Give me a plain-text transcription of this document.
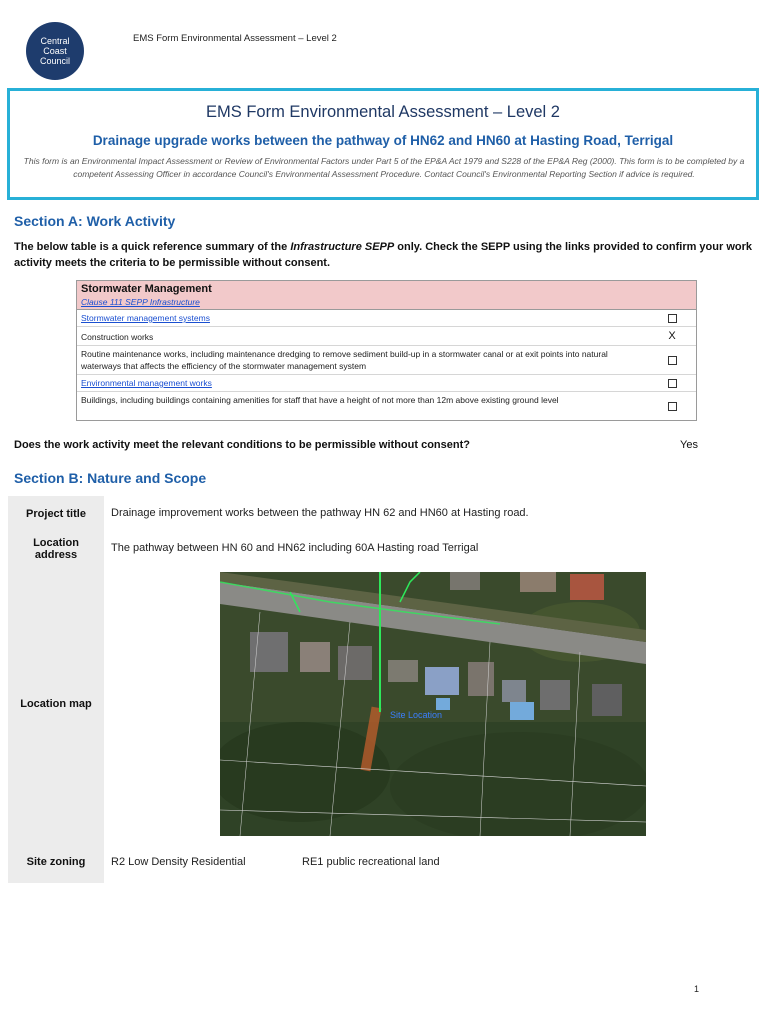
Central
Coast
Council
EMS Form Environmental Assessment – Level 2
EMS Form Environmental Assessment – Level 2
Drainage upgrade works between the pathway of HN62 and HN60 at Hasting Road, Terrigal
This form is an Environmental Impact Assessment or Review of Environmental Factors under Part 5 of the EP&A Act 1979 and S228 of the EP&A Reg (2000). This form is to be completed by a competent Assessing Officer in accordance Council's Environmental Assessment Procedure. Contact Council's Environmental Reporting Section if advice is required.
Section A: Work Activity
The below table is a quick reference summary of the Infrastructure SEPP only. Check the SEPP using the links provided to confirm your work activity meets the criteria to be permissible without consent.
Stormwater Management
Clause 111 SEPP Infrastructure
Stormwater management systems
Construction works	X
Routine maintenance works, including maintenance dredging to remove sediment build-up in a stormwater canal or at exit points into natural waterways that affects the efficiency of the stormwater management system
Environmental management works
Buildings, including buildings containing amenities for staff that have a height of not more than 12m above existing ground level
Does the work activity meet the relevant conditions to be permissible without consent?	Yes
Section B: Nature and Scope
Project title Drainage improvement works between the pathway HN 62 and HN60 at Hasting road.
Location address
The pathway between HN 60 and HN62 including 60A Hasting road Terrigal
Location map
Site Location
Site zoning R2 Low Density Residential	RE1 public recreational land
1
